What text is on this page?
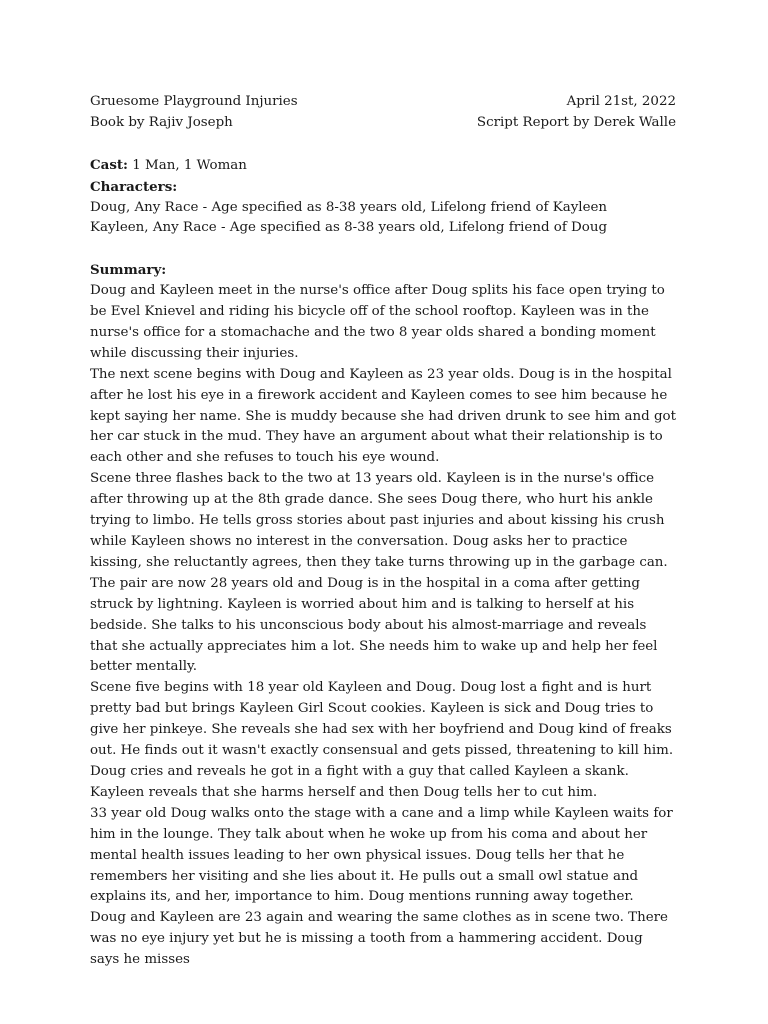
Gruesome Playground Injuries	April 21st, 2022
Book by Rajiv Joseph	Script Report by Derek Walle
Cast: 1 Man, 1 Woman
Characters:
Doug, Any Race - Age specified as 8-38 years old, Lifelong friend of Kayleen
Kayleen, Any Race - Age specified as 8-38 years old, Lifelong friend of Doug
Summary:

Doug and Kayleen meet in the nurse's office after Doug splits his face open trying to be Evel Knievel and riding his bicycle off of the school rooftop. Kayleen was in the nurse's office for a stomachache and the two 8 year olds shared a bonding moment while discussing their injuries.

The next scene begins with Doug and Kayleen as 23 year olds. Doug is in the hospital after he lost his eye in a firework accident and Kayleen comes to see him because he kept saying her name. She is muddy because she had driven drunk to see him and got her car stuck in the mud. They have an argument about what their relationship is to each other and she refuses to touch his eye wound.

Scene three flashes back to the two at 13 years old. Kayleen is in the nurse's office after throwing up at the 8th grade dance. She sees Doug there, who hurt his ankle trying to limbo. He tells gross stories about past injuries and about kissing his crush while Kayleen shows no interest in the conversation. Doug asks her to practice kissing, she reluctantly agrees, then they take turns throwing up in the garbage can.

The pair are now 28 years old and Doug is in the hospital in a coma after getting struck by lightning. Kayleen is worried about him and is talking to herself at his bedside. She talks to his unconscious body about his almost-marriage and reveals that she actually appreciates him a lot. She needs him to wake up and help her feel better mentally.

Scene five begins with 18 year old Kayleen and Doug. Doug lost a fight and is hurt pretty bad but brings Kayleen Girl Scout cookies. Kayleen is sick and Doug tries to give her pinkeye. She reveals she had sex with her boyfriend and Doug kind of freaks out. He finds out it wasn't exactly consensual and gets pissed, threatening to kill him. Doug cries and reveals he got in a fight with a guy that called Kayleen a skank. Kayleen reveals that she harms herself and then Doug tells her to cut him.

33 year old Doug walks onto the stage with a cane and a limp while Kayleen waits for him in the lounge. They talk about when he woke up from his coma and about her mental health issues leading to her own physical issues. Doug tells her that he remembers her visiting and she lies about it. He pulls out a small owl statue and explains its, and her, importance to him. Doug mentions running away together.

Doug and Kayleen are 23 again and wearing the same clothes as in scene two. There was no eye injury yet but he is missing a tooth from a hammering accident. Doug says he misses
